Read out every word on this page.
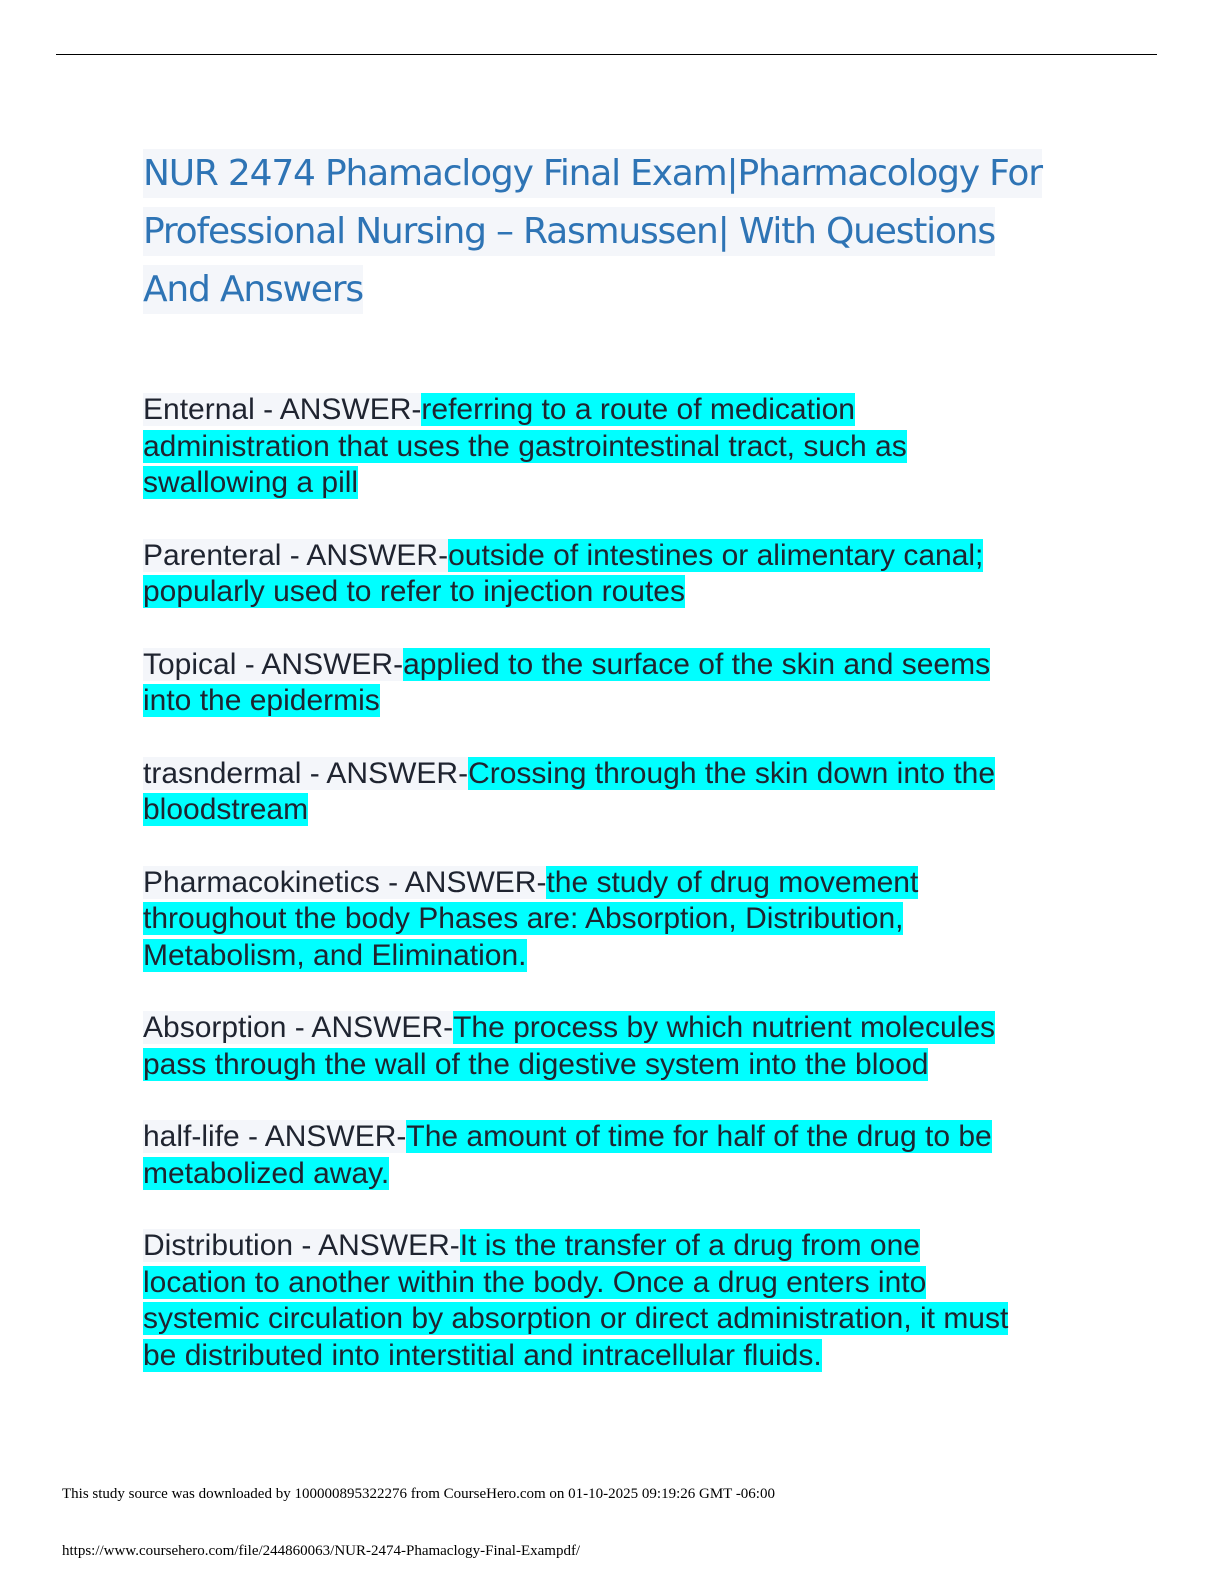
NUR 2474 Phamaclogy Final Exam|Pharmacology For
Professional Nursing – Rasmussen| With Questions
And Answers
Enternal - ANSWER-referring to a route of medication
administration that uses the gastrointestinal tract, such as
swallowing a pill
Parenteral - ANSWER-outside of intestines or alimentary canal;
popularly used to refer to injection routes
Topical - ANSWER-applied to the surface of the skin and seems
into the epidermis
trasndermal - ANSWER-Crossing through the skin down into the
bloodstream
Pharmacokinetics - ANSWER-the study of drug movement
throughout the body Phases are: Absorption, Distribution,
Metabolism, and Elimination.
Absorption - ANSWER-The process by which nutrient molecules
pass through the wall of the digestive system into the blood
half-life - ANSWER-The amount of time for half of the drug to be
metabolized away.
Distribution - ANSWER-It is the transfer of a drug from one
location to another within the body. Once a drug enters into
systemic circulation by absorption or direct administration, it must
be distributed into interstitial and intracellular fluids.

This study source was downloaded by 100000895322276 from CourseHero.com on 01-10-2025 09:19:26 GMT -06:00

https://www.coursehero.com/file/244860063/NUR-2474-Phamaclogy-Final-Exampdf/
